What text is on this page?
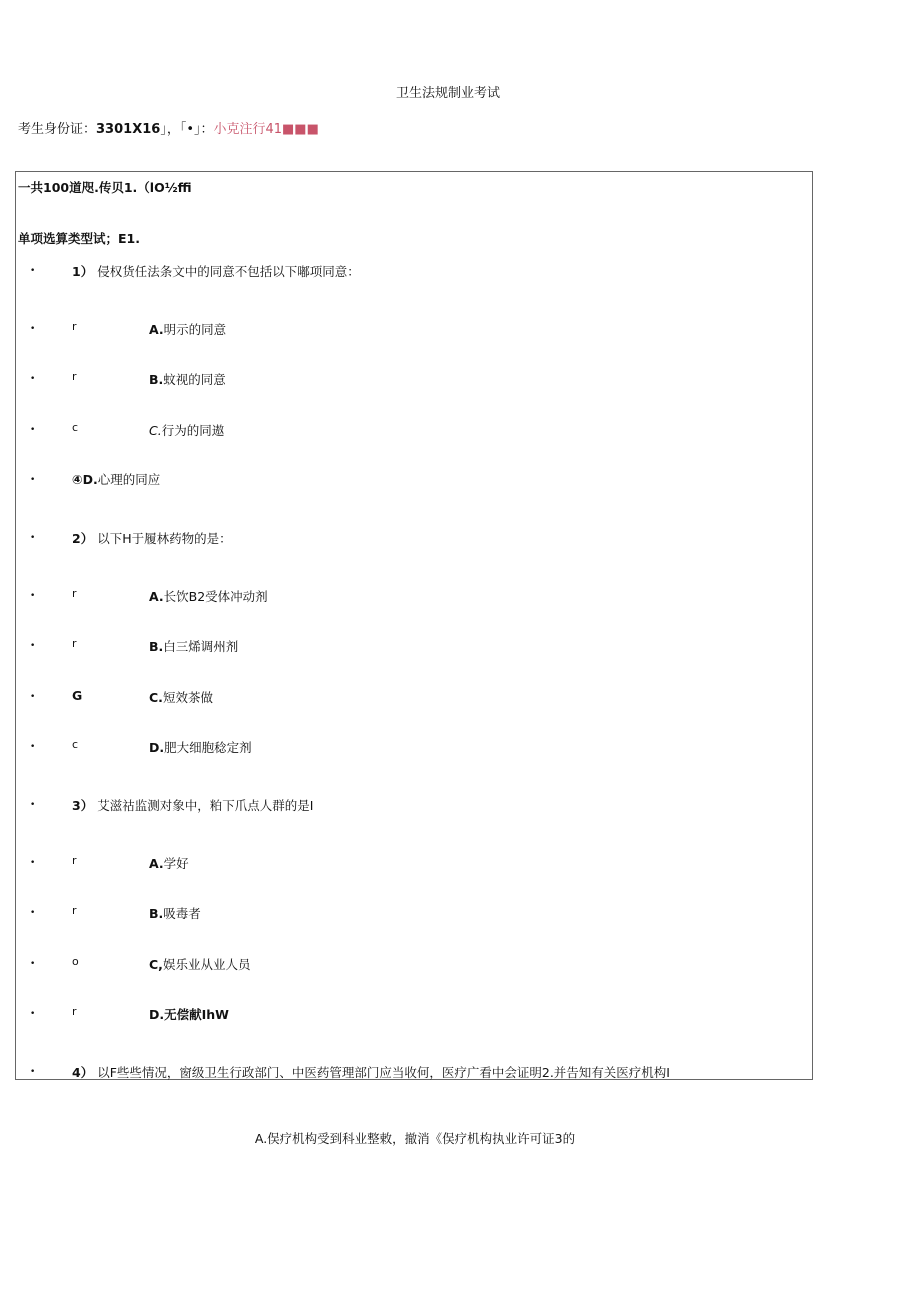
卫生法规制业考试
考生身份证：3301X16」，「•」：小克注行41■■■
一共100道咫.传贝1.（lO½ffi
单项选算类型试；E1.
•	1） 侵权货任法条文中的同意不包括以下嘟项同意：
•	r	A.明示的同意
•	r	B.蚊视的同意
•	c	C.行为的同遨
•	④D.心理的同应
•	2） 以下H于履林药物的是：
•	r	A.长饮B2受体冲动剂
•	r	B.白三烯调州剂
•	G	C.短效茶做
•	c	D.肥大细胞稔定剂
•	3） 艾滋祜监测对象中，粕下爪点人群的是I
•	r	A.学好
•	r	B.吸毒者
•	o	C,娱乐业从业人员
•	r	D.无偿献IhW
•	4） 以F些些情况，窗级卫生行政部门、中医药管理部门应当收何，医疗广看中会证明2.并告知有关医疗机构I
A.俣疗机构受到科业整敕，撤消《俣疗机构执业许可证3的
